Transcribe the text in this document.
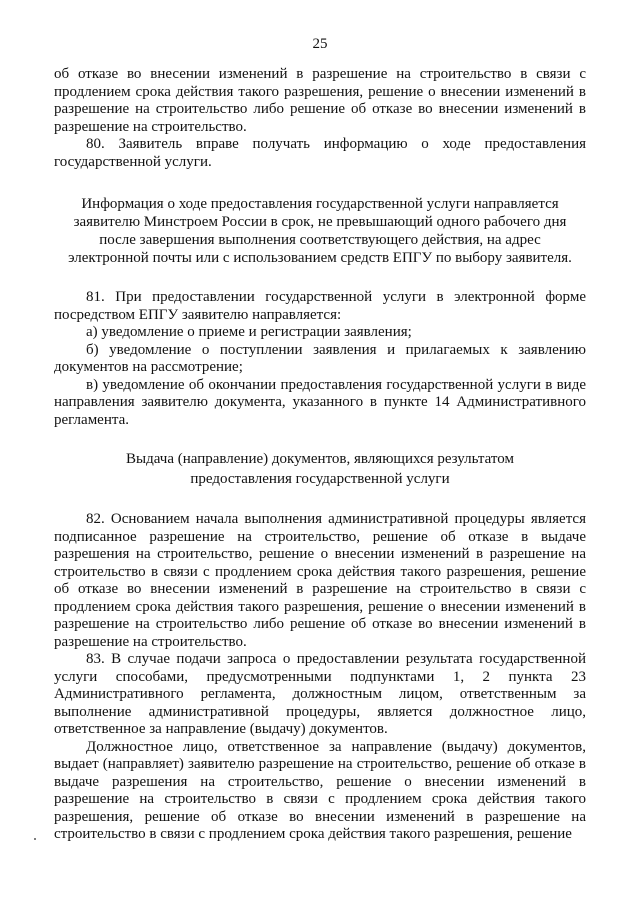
25

об отказе во внесении изменений в разрешение на строительство в связи с продлением срока действия такого разрешения, решение о внесении изменений в разрешение на строительство либо решение об отказе во внесении изменений в разрешение на строительство.

80. Заявитель вправе получать информацию о ходе предоставления государственной услуги.

Информация о ходе предоставления государственной услуги направляется заявителю Минстроем России в срок, не превышающий одного рабочего дня после завершения выполнения соответствующего действия, на адрес электронной почты или с использованием средств ЕПГУ по выбору заявителя.

81. При предоставлении государственной услуги в электронной форме посредством ЕПГУ заявителю направляется:

а) уведомление о приеме и регистрации заявления;

б) уведомление о поступлении заявления и прилагаемых к заявлению документов на рассмотрение;

в) уведомление об окончании предоставления государственной услуги в виде направления заявителю документа, указанного в пункте 14 Административного регламента.

Выдача (направление) документов, являющихся результатом
предоставления государственной услуги

82. Основанием начала выполнения административной процедуры является подписанное разрешение на строительство, решение об отказе в выдаче разрешения на строительство, решение о внесении изменений в разрешение на строительство в связи с продлением срока действия такого разрешения, решение об отказе во внесении изменений в разрешение на строительство в связи с продлением срока действия такого разрешения, решение о внесении изменений в разрешение на строительство либо решение об отказе во внесении изменений в разрешение на строительство.

83. В случае подачи запроса о предоставлении результата государственной услуги способами, предусмотренными подпунктами 1, 2 пункта 23 Административного регламента, должностным лицом, ответственным за выполнение административной процедуры, является должностное лицо, ответственное за направление (выдачу) документов.

Должностное лицо, ответственное за направление (выдачу) документов, выдает (направляет) заявителю разрешение на строительство, решение об отказе в выдаче разрешения на строительство, решение о внесении изменений в разрешение на строительство в связи с продлением срока действия такого разрешения, решение об отказе во внесении изменений в разрешение на строительство в связи с продлением срока действия такого разрешения, решение
